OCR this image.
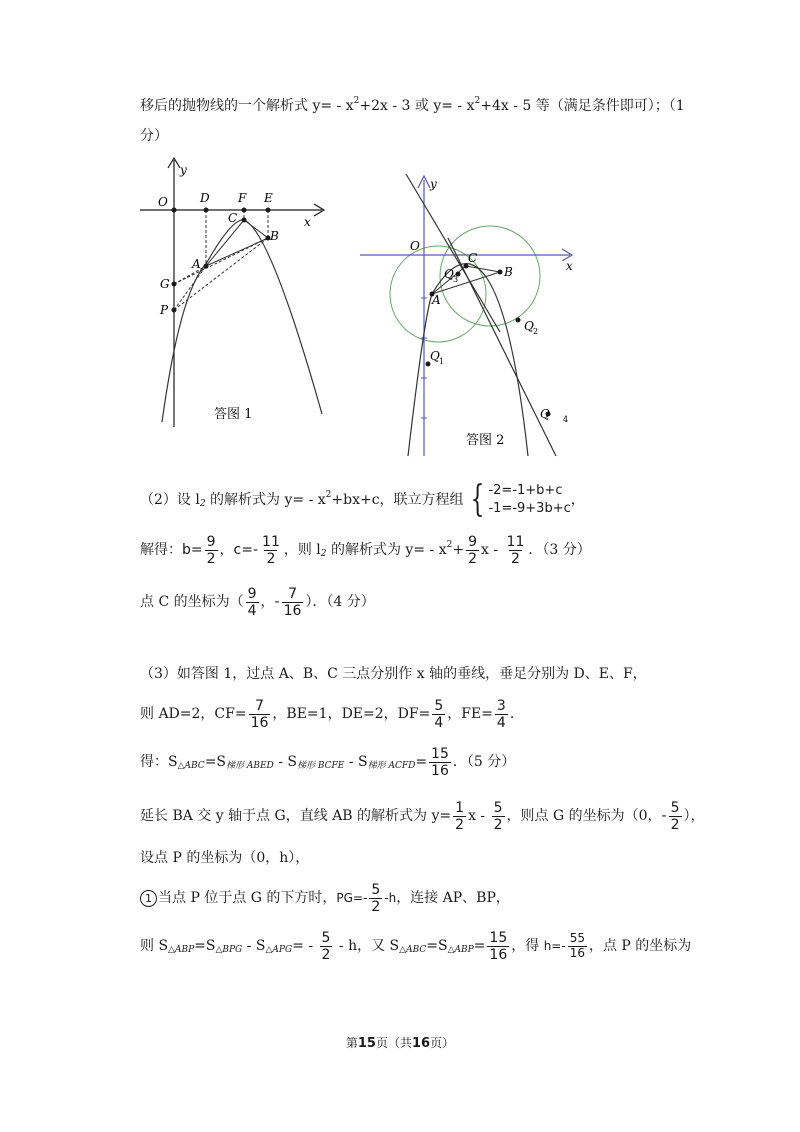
移后的抛物线的一个解析式 y= - x 2 +2x - 3 或 y= - x 2 +4x - 5 等（满足条件即可）；（1
分）
O	D F E
C
B
A
G
P
x
y
答图 1
O
C
B
A
Q 3
Q 2
Q 1
Q 4
x
y
答图 2
（2）设 l 2 的解析式为 y= - x 2 +bx+c，联立方程组 { -2=-1+b+c
-1=-9+3b+c
，
解得： $b= \frac{9}{2}$ ，$c=- \frac{11}{2}$ ，则 l 2 的解析式为 y= - x $2 + \frac{9}{2}$ x - $\frac{11}{2}$ ．（3 分）
点 C 的坐标为（ $\frac{9}{4}$ ， - $\frac{7}{16}$ ）．（4 分）
（3）如答图 1，过点 A、B、C 三点分别作 x 轴的垂线，垂足分别为 D、E、F，
则 AD=2，$CF= \frac{7}{16}$ ，BE=1，DE=2，$DF= \frac{5}{4}$ ，$FE= \frac{3}{4}$ .
得：S △ABC =S 梯形 ABED - S 梯形 BCFE - S 梯形 ACFD = $\frac{15}{16}$ ．（5 分）
延长 BA 交 y 轴于点 G，直线 AB 的解析式为 $y= \frac{1}{2}$ x - $\frac{5}{2}$ ，则点 G 的坐标为（0， - $\frac{5}{2}$ ），
设点 P 的坐标为（0，h），
1 当点 P 位于点 G 的下方时， $PG=- \frac{5}{2} -h$ ，连接 AP、BP，
则 S △ABP =S △BPG - S △APG = - $\frac{5}{2}$ - h，又 S △ABC =S △ABP = $\frac{15}{16}$ ，得 $h=- \frac{55}{16}$ ，点 P 的坐标为
第15页（共16页）
